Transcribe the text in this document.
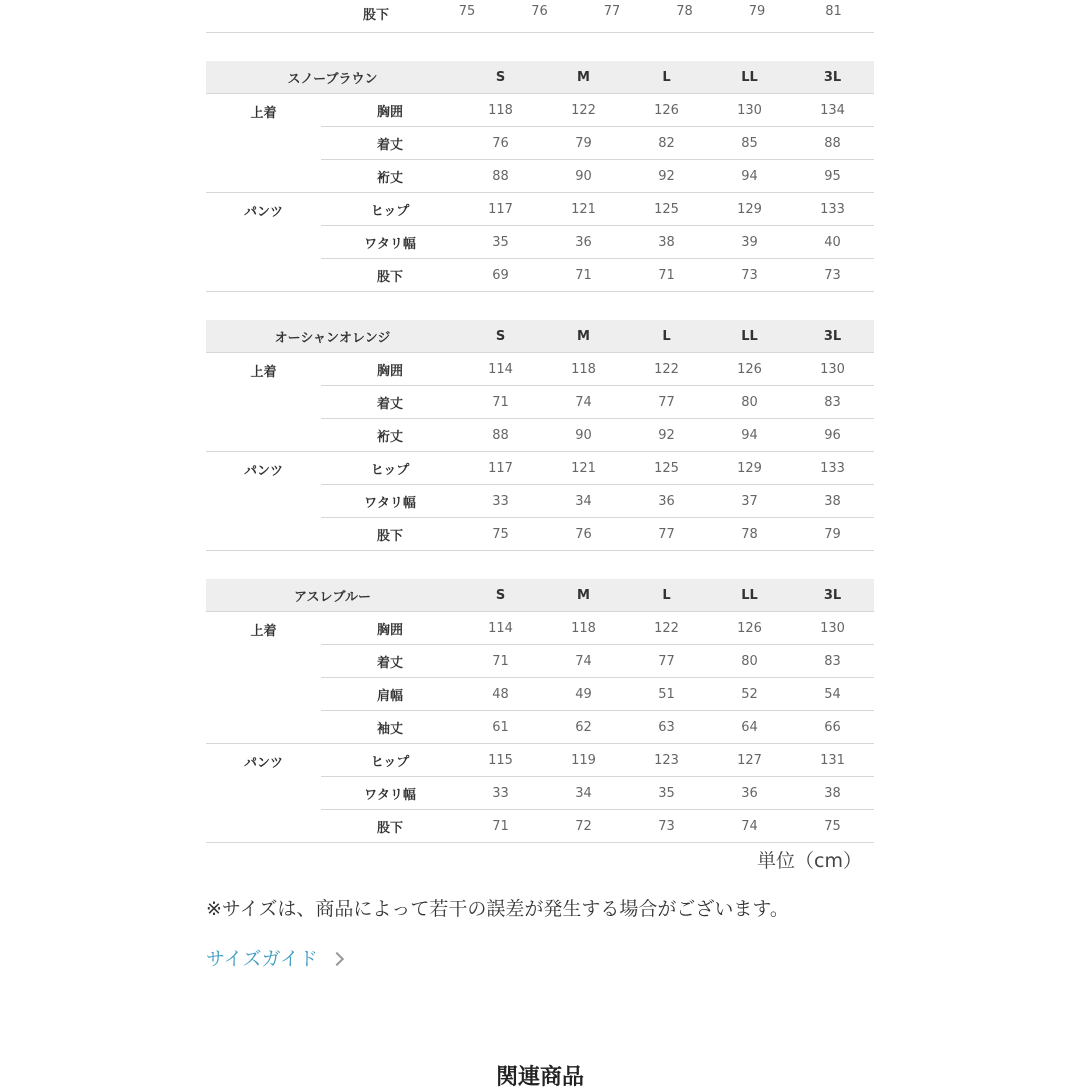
	股下	75	76	77	78	79	81
スノーブラウン		S	M	L	LL	3L
上着	胸囲	118	122	126	130	134
	着丈	76	79	82	85	88
	裄丈	88	90	92	94	95
パンツ	ヒップ	117	121	125	129	133
	ワタリ幅	35	36	38	39	40
	股下	69	71	71	73	73
オーシャンオレンジ		S	M	L	LL	3L
上着	胸囲	114	118	122	126	130
	着丈	71	74	77	80	83
	裄丈	88	90	92	94	96
パンツ	ヒップ	117	121	125	129	133
	ワタリ幅	33	34	36	37	38
	股下	75	76	77	78	79
アスレブルー		S	M	L	LL	3L
上着	胸囲	114	118	122	126	130
	着丈	71	74	77	80	83
	肩幅	48	49	51	52	54
	袖丈	61	62	63	64	66
パンツ	ヒップ	115	119	123	127	131
	ワタリ幅	33	34	35	36	38
	股下	71	72	73	74	75
単位（cm）
※サイズは、商品によって若干の誤差が発生する場合がございます。
サイズガイド
関連商品
